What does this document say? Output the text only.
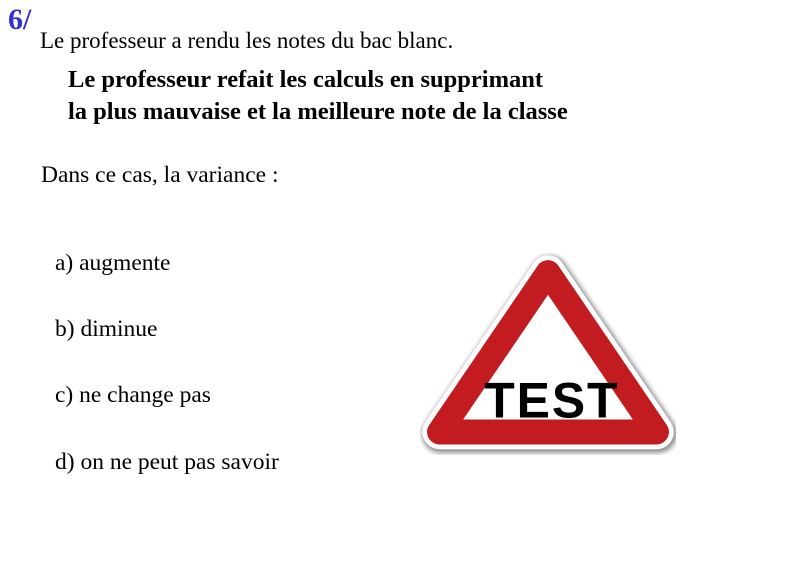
6/
Le professeur a rendu les notes du bac blanc.
Le professeur refait les calculs en supprimant
la plus mauvaise et la meilleure note de la classe
Dans ce cas, la variance :
a) augmente
b) diminue
c) ne change pas
d) on ne peut pas savoir
TEST
